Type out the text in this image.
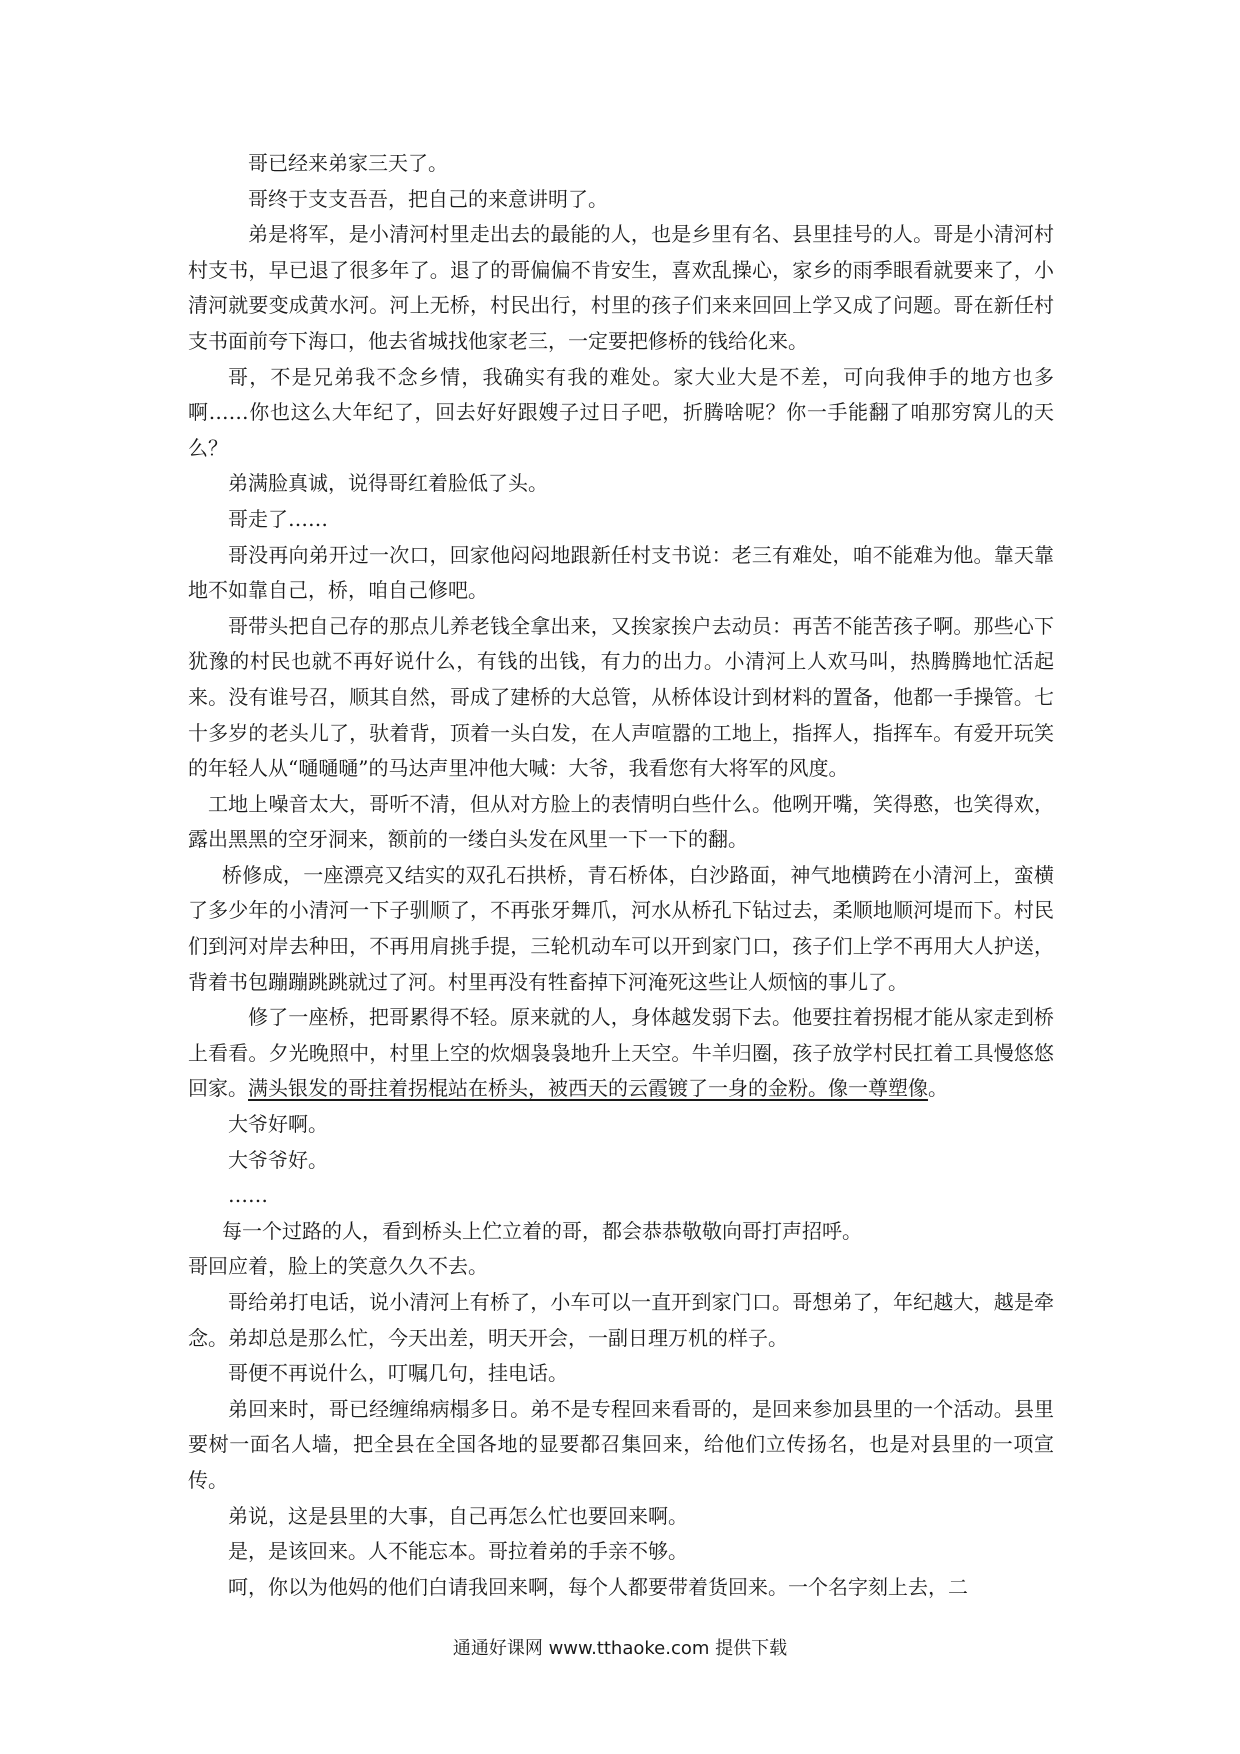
哥已经来弟家三天了。

哥终于支支吾吾，把自己的来意讲明了。

弟是将军，是小清河村里走出去的最能的人，也是乡里有名、县里挂号的人。哥是小清河村村支书，早已退了很多年了。退了的哥偏偏不肯安生，喜欢乱操心，家乡的雨季眼看就要来了，小清河就要变成黄水河。河上无桥，村民出行，村里的孩子们来来回回上学又成了问题。哥在新任村支书面前夸下海口，他去省城找他家老三，一定要把修桥的钱给化来。

哥，不是兄弟我不念乡情，我确实有我的难处。家大业大是不差，可向我伸手的地方也多啊……你也这么大年纪了，回去好好跟嫂子过日子吧，折腾啥呢？你一手能翻了咱那穷窝儿的天么？

弟满脸真诚，说得哥红着脸低了头。

哥走了……

哥没再向弟开过一次口，回家他闷闷地跟新任村支书说：老三有难处，咱不能难为他。靠天靠地不如靠自己，桥，咱自己修吧。

哥带头把自己存的那点儿养老钱全拿出来，又挨家挨户去动员：再苦不能苦孩子啊。那些心下犹豫的村民也就不再好说什么，有钱的出钱，有力的出力。小清河上人欢马叫，热腾腾地忙活起来。没有谁号召，顺其自然，哥成了建桥的大总管，从桥体设计到材料的置备，他都一手操管。七十多岁的老头儿了，驮着背，顶着一头白发，在人声喧嚣的工地上，指挥人，指挥车。有爱开玩笑的年轻人从“嗵嗵嗵”的马达声里冲他大喊：大爷，我看您有大将军的风度。

工地上噪音太大，哥听不清，但从对方脸上的表情明白些什么。他咧开嘴，笑得憨，也笑得欢，露出黑黑的空牙洞来，额前的一缕白头发在风里一下一下的翻。

桥修成，一座漂亮又结实的双孔石拱桥，青石桥体，白沙路面，神气地横跨在小清河上，蛮横了多少年的小清河一下子驯顺了，不再张牙舞爪，河水从桥孔下钻过去，柔顺地顺河堤而下。村民们到河对岸去种田，不再用肩挑手提，三轮机动车可以开到家门口，孩子们上学不再用大人护送，背着书包蹦蹦跳跳就过了河。村里再没有牲畜掉下河淹死这些让人烦恼的事儿了。

修了一座桥，把哥累得不轻。原来就的人，身体越发弱下去。他要拄着拐棍才能从家走到桥上看看。夕光晚照中，村里上空的炊烟袅袅地升上天空。牛羊归圈，孩子放学村民扛着工具慢悠悠回家。满头银发的哥拄着拐棍站在桥头，被西天的云霞镀了一身的金粉。像一尊塑像。

大爷好啊。

大爷爷好。

……

每一个过路的人，看到桥头上伫立着的哥，都会恭恭敬敬向哥打声招呼。

哥回应着，脸上的笑意久久不去。

哥给弟打电话，说小清河上有桥了，小车可以一直开到家门口。哥想弟了，年纪越大，越是牵念。弟却总是那么忙，今天出差，明天开会，一副日理万机的样子。

哥便不再说什么，叮嘱几句，挂电话。

弟回来时，哥已经缠绵病榻多日。弟不是专程回来看哥的，是回来参加县里的一个活动。县里要树一面名人墙，把全县在全国各地的显要都召集回来，给他们立传扬名，也是对县里的一项宣传。

弟说，这是县里的大事，自己再怎么忙也要回来啊。

是，是该回来。人不能忘本。哥拉着弟的手亲不够。

呵，你以为他妈的他们白请我回来啊，每个人都要带着货回来。一个名字刻上去，二

通通好课网 www.tthaoke.com 提供下载
